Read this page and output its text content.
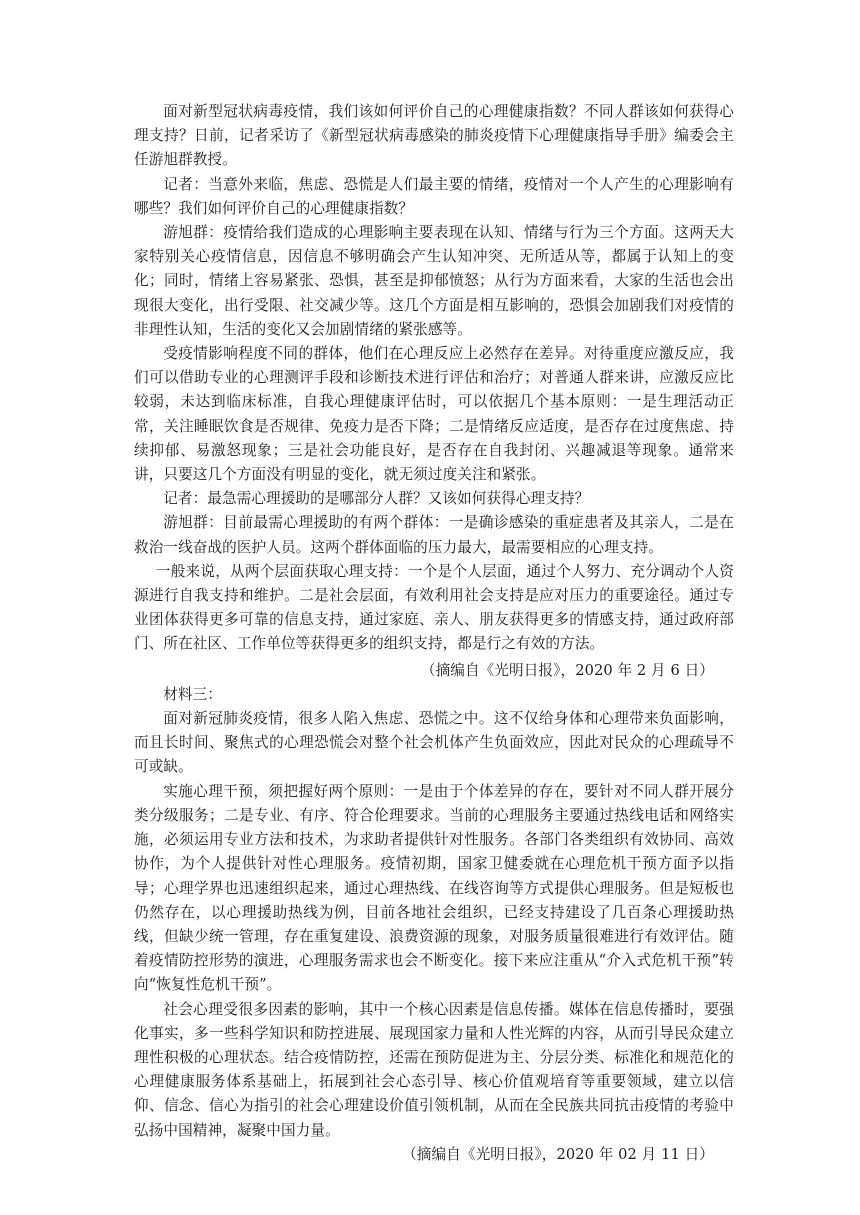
面对新型冠状病毒疫情，我们该如何评价自己的心理健康指数？不同人群该如何获得心理支持？日前，记者采访了《新型冠状病毒感染的肺炎疫情下心理健康指导手册》编委会主任游旭群教授。

记者：当意外来临，焦虑、恐慌是人们最主要的情绪，疫情对一个人产生的心理影响有哪些？我们如何评价自己的心理健康指数？

游旭群：疫情给我们造成的心理影响主要表现在认知、情绪与行为三个方面。这两天大家特别关心疫情信息，因信息不够明确会产生认知冲突、无所适从等，都属于认知上的变化；同时，情绪上容易紧张、恐惧，甚至是抑郁愤怒；从行为方面来看，大家的生活也会出现很大变化，出行受限、社交减少等。这几个方面是相互影响的，恐惧会加剧我们对疫情的非理性认知，生活的变化又会加剧情绪的紧张感等。

受疫情影响程度不同的群体，他们在心理反应上必然存在差异。对待重度应激反应，我们可以借助专业的心理测评手段和诊断技术进行评估和治疗；对普通人群来讲，应激反应比较弱，未达到临床标准，自我心理健康评估时，可以依据几个基本原则：一是生理活动正常，关注睡眠饮食是否规律、免疫力是否下降；二是情绪反应适度，是否存在过度焦虑、持续抑郁、易激怒现象；三是社会功能良好，是否存在自我封闭、兴趣减退等现象。通常来讲，只要这几个方面没有明显的变化，就无须过度关注和紧张。

记者：最急需心理援助的是哪部分人群？又该如何获得心理支持？

游旭群：目前最需心理援助的有两个群体：一是确诊感染的重症患者及其亲人，二是在救治一线奋战的医护人员。这两个群体面临的压力最大，最需要相应的心理支持。

一般来说，从两个层面获取心理支持：一个是个人层面，通过个人努力、充分调动个人资源进行自我支持和维护。二是社会层面，有效利用社会支持是应对压力的重要途径。通过专业团体获得更多可靠的信息支持，通过家庭、亲人、朋友获得更多的情感支持，通过政府部门、所在社区、工作单位等获得更多的组织支持，都是行之有效的方法。

（摘编自《光明日报》，2020 年 2 月 6 日）

材料三：

面对新冠肺炎疫情，很多人陷入焦虑、恐慌之中。这不仅给身体和心理带来负面影响，而且长时间、聚焦式的心理恐慌会对整个社会机体产生负面效应，因此对民众的心理疏导不可或缺。

实施心理干预，须把握好两个原则：一是由于个体差异的存在，要针对不同人群开展分类分级服务；二是专业、有序、符合伦理要求。当前的心理服务主要通过热线电话和网络实施，必须运用专业方法和技术，为求助者提供针对性服务。各部门各类组织有效协同、高效协作，为个人提供针对性心理服务。疫情初期，国家卫健委就在心理危机干预方面予以指导；心理学界也迅速组织起来，通过心理热线、在线咨询等方式提供心理服务。但是短板也仍然存在，以心理援助热线为例，目前各地社会组织，已经支持建设了几百条心理援助热线，但缺少统一管理，存在重复建设、浪费资源的现象，对服务质量很难进行有效评估。随着疫情防控形势的演进，心理服务需求也会不断变化。接下来应注重从“介入式危机干预”转向“恢复性危机干预”。

社会心理受很多因素的影响，其中一个核心因素是信息传播。媒体在信息传播时，要强化事实，多一些科学知识和防控进展、展现国家力量和人性光辉的内容，从而引导民众建立理性积极的心理状态。结合疫情防控，还需在预防促进为主、分层分类、标准化和规范化的心理健康服务体系基础上，拓展到社会心态引导、核心价值观培育等重要领域，建立以信仰、信念、信心为指引的社会心理建设价值引领机制，从而在全民族共同抗击疫情的考验中弘扬中国精神，凝聚中国力量。

（摘编自《光明日报》，2020 年 02 月 11 日）
